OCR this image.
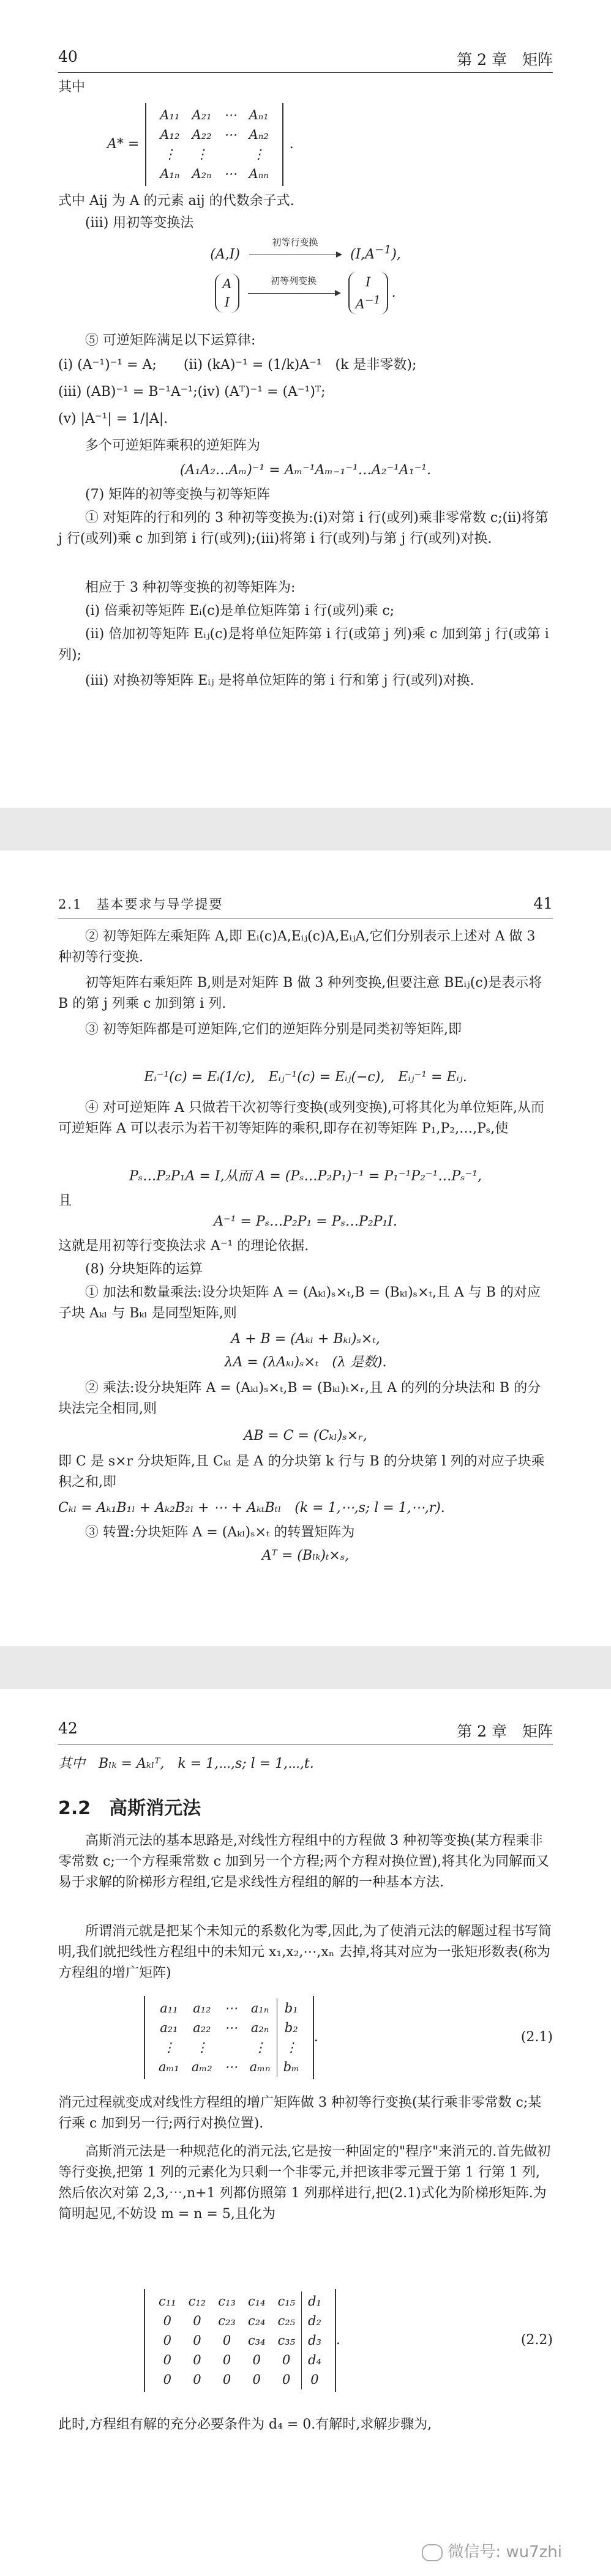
40	第 2 章　矩阵
其中
A* =
A₁₁	A₂₁	⋯	Aₙ₁
A₁₂	A₂₂	⋯	Aₙ₂
⋮	⋮		⋮
A₁ₙ	A₂ₙ	⋯	Aₙₙ
.
式中 Aij 为 A 的元素 aij 的代数余子式.
(iii) 用初等变换法
(A,I)
初等行变换
$(I,A^{-1})$,
A
I
初等列变换	I
$A^{-1}$ .
⑤ 可逆矩阵满足以下运算律:
(i) (A⁻¹)⁻¹ = A;　　(ii) (kA)⁻¹ = (1/k)A⁻¹　(k 是非零数);
(iii) (AB)⁻¹ = B⁻¹A⁻¹;(iv) (Aᵀ)⁻¹ = (A⁻¹)ᵀ;
(v) |A⁻¹| = 1/|A|.
多个可逆矩阵乘积的逆矩阵为
(A₁A₂…Aₘ)⁻¹ = Aₘ⁻¹Aₘ₋₁⁻¹…A₂⁻¹A₁⁻¹.
(7) 矩阵的初等变换与初等矩阵
① 对矩阵的行和列的 3 种初等变换为:(i)对第 i 行(或列)乘非零常数 c;(ii)将第 j 行(或列)乘 c 加到第 i 行(或列);(iii)将第 i 行(或列)与第 j 行(或列)对换.
相应于 3 种初等变换的初等矩阵为:
(i) 倍乘初等矩阵 Eᵢ(c)是单位矩阵第 i 行(或列)乘 c;
(ii) 倍加初等矩阵 Eᵢⱼ(c)是将单位矩阵第 i 行(或第 j 列)乘 c 加到第 j 行(或第 i 列);
(iii) 对换初等矩阵 Eᵢⱼ 是将单位矩阵的第 i 行和第 j 行(或列)对换.
2.1　基本要求与导学提要	41
② 初等矩阵左乘矩阵 A,即 Eᵢ(c)A,Eᵢⱼ(c)A,EᵢⱼA,它们分别表示上述对 A 做 3 种初等行变换.
初等矩阵右乘矩阵 B,则是对矩阵 B 做 3 种列变换,但要注意 BEᵢⱼ(c)是表示将 B 的第 j 列乘 c 加到第 i 列.
③ 初等矩阵都是可逆矩阵,它们的逆矩阵分别是同类初等矩阵,即
Eᵢ⁻¹(c) = Eᵢ(1/c),　Eᵢⱼ⁻¹(c) = Eᵢⱼ(−c),　Eᵢⱼ⁻¹ = Eᵢⱼ.
④ 对可逆矩阵 A 只做若干次初等行变换(或列变换),可将其化为单位矩阵,从而可逆矩阵 A 可以表示为若干初等矩阵的乘积,即存在初等矩阵 P₁,P₂,…,Pₛ,使
Pₛ…P₂P₁A = I,从而 A = (Pₛ…P₂P₁)⁻¹ = P₁⁻¹P₂⁻¹…Pₛ⁻¹,
且
A⁻¹ = Pₛ…P₂P₁ = Pₛ…P₂P₁I.
这就是用初等行变换法求 A⁻¹ 的理论依据.
(8) 分块矩阵的运算
① 加法和数量乘法:设分块矩阵 A = (Aₖₗ)ₛ×ₜ,B = (Bₖₗ)ₛ×ₜ,且 A 与 B 的对应子块 Aₖₗ 与 Bₖₗ 是同型矩阵,则
A + B = (Aₖₗ + Bₖₗ)ₛ×ₜ,
λA = (λAₖₗ)ₛ×ₜ　(λ 是数).
② 乘法:设分块矩阵 A = (Aₖₗ)ₛ×ₜ,B = (Bₖₗ)ₜ×ᵣ,且 A 的列的分块法和 B 的分块法完全相同,则
AB = C = (Cₖₗ)ₛ×ᵣ,
即 C 是 s×r 分块矩阵,且 Cₖₗ 是 A 的分块第 k 行与 B 的分块第 l 列的对应子块乘积之和,即
Cₖₗ = Aₖ₁B₁ₗ + Aₖ₂B₂ₗ + ⋯ + AₖₜBₜₗ　(k = 1,⋯,s; l = 1,⋯,r).
③ 转置:分块矩阵 A = (Aₖₗ)ₛ×ₜ 的转置矩阵为
Aᵀ = (Bₗₖ)ₜ×ₛ,
42	第 2 章　矩阵
其中　Bₗₖ = Aₖₗᵀ,　k = 1,⋯,s; l = 1,⋯,t.
2.2　高斯消元法
高斯消元法的基本思路是,对线性方程组中的方程做 3 种初等变换(某方程乘非零常数 c;一个方程乘常数 c 加到另一个方程;两个方程对换位置),将其化为同解而又易于求解的阶梯形方程组,它是求线性方程组的解的一种基本方法.
所谓消元就是把某个未知元的系数化为零,因此,为了使消元法的解题过程书写简明,我们就把线性方程组中的未知元 x₁,x₂,⋯,xₙ 去掉,将其对应为一张矩形数表(称为方程组的增广矩阵)
a₁₁	a₁₂	⋯	a₁ₙ	b₁
a₂₁	a₂₂	⋯	a₂ₙ	b₂
⋮	⋮		⋮	⋮
aₘ₁	aₘ₂	⋯	aₘₙ	bₘ
.	(2.1)
消元过程就变成对线性方程组的增广矩阵做 3 种初等行变换(某行乘非零常数 c;某行乘 c 加到另一行;两行对换位置).
高斯消元法是一种规范化的消元法,它是按一种固定的"程序"来消元的.首先做初等行变换,把第 1 列的元素化为只剩一个非零元,并把该非零元置于第 1 行第 1 列,然后依次对第 2,3,⋯,n+1 列都仿照第 1 列那样进行,把(2.1)式化为阶梯形矩阵.为简明起见,不妨设 m = n = 5,且化为
c₁₁	c₁₂	c₁₃	c₁₄	c₁₅	d₁
0	0	c₂₃	c₂₄	c₂₅	d₂
0	0	0	c₃₄	c₃₅	d₃
0	0	0	0	0	d₄
0	0	0	0	0	0
.	(2.2)
此时,方程组有解的充分必要条件为 d₄ = 0.有解时,求解步骤为,
微信号: wu7zhi
